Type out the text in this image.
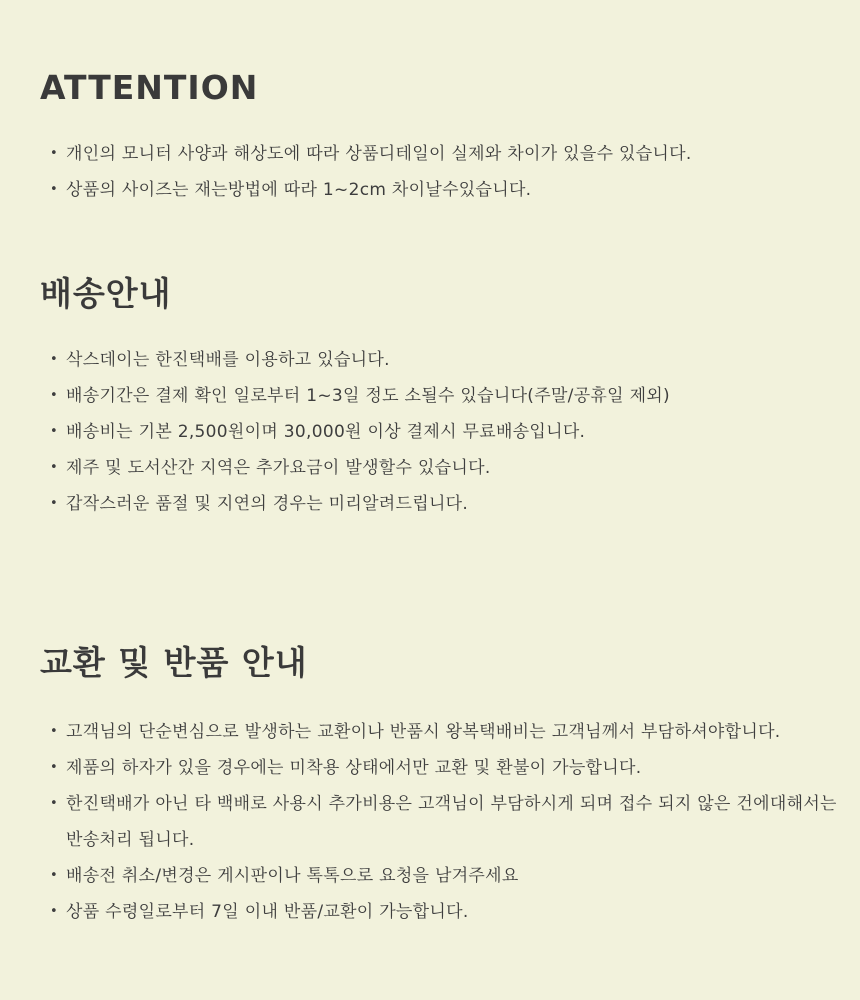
ATTENTION
• 개인의 모니터 사양과 해상도에 따라 상품디테일이 실제와 차이가 있을수 있습니다.
• 상품의 사이즈는 재는방법에 따라 1~2cm 차이날수있습니다.
배송안내
• 삭스데이는 한진택배를 이용하고 있습니다.
• 배송기간은 결제 확인 일로부터 1~3일 정도 소될수 있습니다(주말/공휴일 제외)
• 배송비는 기본 2,500원이며 30,000원 이상 결제시 무료배송입니다.
• 제주 및 도서산간 지역은 추가요금이 발생할수 있습니다.
• 갑작스러운 품절 및 지연의 경우는 미리알려드립니다.
교환 및 반품 안내
• 고객님의 단순변심으로 발생하는 교환이나 반품시 왕복택배비는 고객님께서 부담하셔야합니다.
• 제품의 하자가 있을 경우에는 미착용 상태에서만 교환 및 환불이 가능합니다.
• 한진택배가 아닌 타 백배로 사용시 추가비용은 고객님이 부담하시게 되며 접수 되지 않은 건에대해서는 반송처리 됩니다.
• 배송전 취소/변경은 게시판이나 톡톡으로 요청을 남겨주세요
• 상품 수령일로부터 7일 이내 반품/교환이 가능합니다.
